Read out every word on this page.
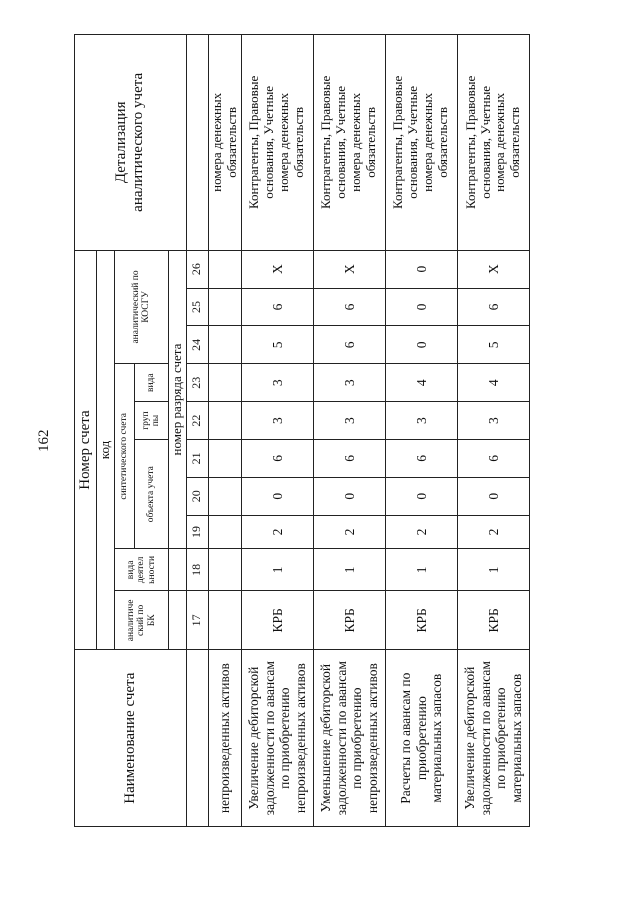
162
Наименование счета	Номер счета										Детализация
аналитического учета
	код										
	аналитиче
ский по
БК	вида
деятел
ьности	синтетического счета					аналитический по
КОСГУ			
			объекта учета			груп
пы	вида				
			номер разряда счета								
	17	18	19	20	21	22	23	24	25	26	
непроизведенных активов											номера денежных
обязательств
Увеличение дебиторской
задолженности по авансам
по приобретению
непроизведенных активов	КРБ	1	2	0	6	3	3	5	6	X	Контрагенты, Правовые
основания, Учетные
номера денежных
обязательств
Уменьшение дебиторской
задолженности по авансам
по приобретению
непроизведенных активов	КРБ	1	2	0	6	3	3	6	6	X	Контрагенты, Правовые
основания, Учетные
номера денежных
обязательств
Расчеты по авансам по
приобретению
материальных запасов	КРБ	1	2	0	6	3	4	0	0	0	Контрагенты, Правовые
основания, Учетные
номера денежных
обязательств
Увеличение дебиторской
задолженности по авансам
по приобретению
материальных запасов	КРБ	1	2	0	6	3	4	5	6	X	Контрагенты, Правовые
основания, Учетные
номера денежных
обязательств
